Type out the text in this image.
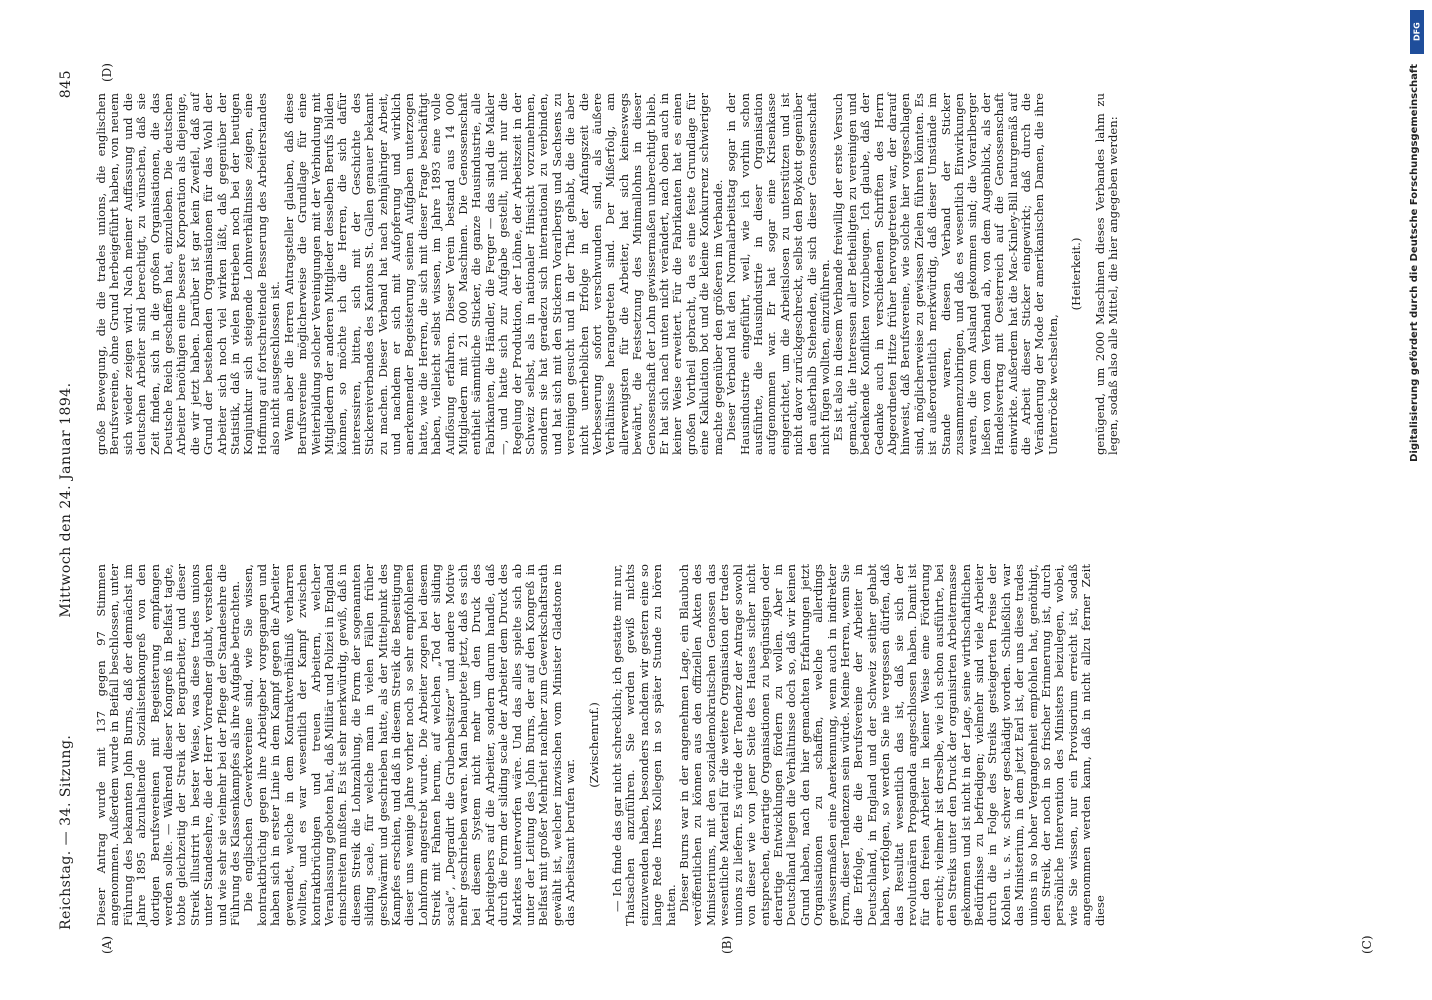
Reichstag. — 34. Sitzung.
Mittwoch den 24. Januar 1894.
845
(A)	(B)	(C)
(D)

Dieser Antrag wurde mit 137 gegen 97 Stimmen angenommen. Außerdem wurde in Beifall beschlossen, unter Führung des bekannten John Burns, daß der demnächst im Jahre 1895 abzuhaltende Sozialistenkongreß von den dortigen Berufsvereinen mit Begeisterung empfangen werden sollte. — Während dieser Kongreß in Belfast tagte, tobte gleichzeitig der Streik der Bergarbeiter, und dieser Streik illustrirt in bester Weise, was diese trades unions unter Standesehre, die der Herr Vorredner glaubt, verstehen und wie sehr sie vielmehr bei der Pflege der Standesehre die Führung des Klassenkampfes als ihre Aufgabe betrachten. Die englischen Gewerkvereine sind, wie Sie wissen, kontraktbrüchig gegen ihre Arbeitgeber vorgegangen und haben sich in erster Linie in dem Kampf gegen die Arbeiter gewendet, welche in dem Kontraktverhältniß verharren wollten, und es war wesentlich der Kampf zwischen kontraktbrüchigen und treuen Arbeitern, welcher Veranlassung geboten hat, daß Militär und Polizei in England einschreiten mußten. Es ist sehr merkwürdig, gewiß, daß in diesem Streik die Lohnzahlung, die Form der sogenannten sliding scale, für welche man in vielen Fällen früher geschwärmt und geschrieben hatte, als der Mittelpunkt des Kampfes erschien, und daß in diesem Streik die Beseitigung dieser uns wenige Jahre vorher noch so sehr empfohlenen Lohnform angestrebt wurde. Die Arbeiter zogen bei diesem Streik mit Fahnen herum, auf welchen „Tod der sliding scale“, „Degradirt die Grubenbesitzer“ und andere Motive mehr geschrieben waren. Man behauptete jetzt, daß es sich bei diesem System nicht mehr um den Druck des Arbeitgebers auf die Arbeiter, sondern darum handle, daß durch die Form der sliding scale der Arbeiter dem Druck des Marktes unterworfen wäre. Und das alles spielte sich ab unter der Leitung des John Burns, der auf den Kongreß in Belfast mit großer Mehrheit nachher zum Gewerkschaftsrath gewählt ist, welcher inzwischen vom Minister Gladstone in das Arbeitsamt berufen war.

(Zwischenruf.) — Ich finde das gar nicht schrecklich; ich gestatte mir nur, Thatsachen anzuführen. Sie werden gewiß nichts einzuwenden haben, besonders nachdem wir gestern eine so lange Rede Ihres Kollegen in so später Stunde zu hören hatten. Dieser Burns war in der angenehmen Lage, ein Blaubuch veröffentlichen zu können aus den offiziellen Akten des Ministeriums, mit den sozialdemokratischen Genossen das wesentliche Material für die weitere Organisation der trades unions zu liefern. Es würde der Tendenz der Antrage sowohl von dieser wie von jener Seite des Hauses sicher nicht entsprechen, derartige Organisationen zu begünstigen oder derartige Entwicklungen fördern zu wollen. Aber in Deutschland liegen die Verhältnisse doch so, daß wir keinen Grund haben, nach den hier gemachten Erfahrungen jetzt Organisationen zu schaffen, welche allerdings gewissermaßen eine Anerkennung, wenn auch in indirekter Form, dieser Tendenzen sein würde. Meine Herren, wenn Sie die Erfolge, die die Berufsvereine der Arbeiter in Deutschland, in England und der Schweiz seither gehabt haben, verfolgen, so werden Sie nie vergessen dürfen, daß das Resultat wesentlich das ist, daß sie sich der revolutionären Propaganda angeschlossen haben. Damit ist für den freien Arbeiter in keiner Weise eine Förderung erreicht; vielmehr ist derselbe, wie ich schon ausführte, bei den Streiks unter den Druck der organisirten Arbeitermasse gekommen und ist nicht in der Lage, seine wirthschaftlichen Bedürfnisse zu befriedigen; vielmehr sind viele Arbeiter durch die in Folge des Streiks gesteigerten Preise der Kohlen u. s. w. schwer geschädigt worden. Schließlich war das Ministerium, in dem jetzt Earl ist, der uns diese trades unions in so hoher Vergangenheit empfohlen hat, genöthigt, den Streik, der noch in so frischer Erinnerung ist, durch persönliche Intervention des Ministers beizulegen, wobei, wie Sie wissen, nur ein Provisorium erreicht ist, sodaß angenommen werden kann, daß in nicht allzu ferner Zeit diese

große Bewegung, die die trades unions, die englischen Berufsvereine, ohne Grund herbeigeführt haben, von neuem sich wieder zeigen wird. Nach meiner Auffassung und die deutschen Arbeiter sind berechtigt, zu wünschen, daß sie Zeit finden, sich in die großen Organisationen, die das Deutsche Reich geschaffen hat, einzuleben. Die deutschen Arbeiter benöthigen eine bessere Korporation als diejenige, die wir jetzt haben. Darüber ist gar kein Zweifel, daß auf Grund der bestehenden Organisationen für das Wohl der Arbeiter sich noch viel wirken läßt, daß gegenüber der Statistik, daß in vielen Betrieben noch bei der heutigen Konjunktur sich steigende Lohnverhältnisse zeigen, eine Hoffnung auf fortschreitende Besserung des Arbeiterstandes also nicht ausgeschlossen ist. Wenn aber die Herren Antragsteller glauben, daß diese Berufsvereine möglicherweise die Grundlage für eine Weiterbildung solcher Vereinigungen mit der Verbindung mit Mitgliedern der anderen Mitglieder desselben Berufs bilden können, so möchte ich die Herren, die sich dafür interessiren, bitten, sich mit der Geschichte des Stickereiverbandes des Kantons St. Gallen genauer bekannt zu machen. Dieser Verband hat nach zehnjähriger Arbeit, und nachdem er sich mit Aufopferung und wirklich anerkennender Begeisterung seinen Aufgaben unterzogen hatte, wie die Herren, die sich mit dieser Frage beschäftigt haben, vielleicht selbst wissen, im Jahre 1893 eine volle Auflösung erfahren. Dieser Verein bestand aus 14 000 Mitgliedern mit 21 000 Maschinen. Die Genossenschaft enthielt sämmtliche Sticker, die ganze Hausindustrie, alle Fabrikanten, die Händler, die Ferger — das sind die Makler —, und hatte sich zur Aufgabe gestellt, nicht nur die Regelung der Produktion, der Löhne, der Arbeitszeit in der Schweiz selbst, als in nationaler Hinsicht vorzunehmen, sondern sie hat geradezu sich international zu verbinden, und hat sich mit den Stickern Vorarlbergs und Sachsens zu vereinigen gesucht und in der That gehabt, die die aber nicht unerheblichen Erfolge in der Anfangszeit die Verbesserung sofort verschwunden sind, als äußere Verhältnisse herangetreten sind. Der Mißerfolg, am allerwenigsten für die Arbeiter, hat sich keineswegs bewährt, die Festsetzung des Minimallohns in dieser Genossenschaft der Lohn gewissermaßen unberechtigt blieb. Er hat sich nach unten nicht verändert, nach oben auch in keiner Weise erweitert. Für die Fabrikanten hat es einen großen Vortheil gebracht, da es eine feste Grundlage für eine Kalkulation bot und die kleine Konkurrenz schwieriger machte gegenüber den größeren im Verbande. Dieser Verband hat den Normalarbeitstag sogar in der Hausindustrie eingeführt, weil, wie ich vorhin schon ausführte, die Hausindustrie in dieser Organisation aufgenommen war. Er hat sogar eine Krisenkasse eingerichtet, um die Arbeitslosen zu unterstützen und ist nicht davor zurückgeschreckt, selbst den Boykott gegenüber den außerhalb Stehenden, die sich dieser Genossenschaft nicht fügen wollten, einzuführen. Es ist also in diesem Verbande freiwillig der erste Versuch gemacht, die Interessen aller Betheiligten zu vereinigen und bedenkende Konflikten vorzubeugen. Ich glaube, daß der Gedanke auch in verschiedenen Schriften des Herrn Abgeordneten Hitze früher hervorgetreten war, der darauf hinweist, daß Berufsvereine, wie solche hier vorgeschlagen sind, möglicherweise zu gewissen Zielen führen könnten. Es ist außerordentlich merkwürdig, daß dieser Umstände im Stande waren, diesen Verband der Sticker zusammenzubringen, und daß es wesentlich Einwirkungen waren, die vom Ausland gekommen sind; die Vorarlberger ließen von dem Verband ab, von dem Augenblick, als der Handelsvertrag mit Oesterreich auf die Genossenschaft einwirkte. Außerdem hat die Mac-Kinley-Bill naturgemäß auf die Arbeit dieser Sticker eingewirkt; daß durch die Veränderung der Mode der amerikanischen Damen, die ihre Unterröcke wechselten,

(Heiterkeit.) genügend, um 2000 Maschinen dieses Verbandes lahm zu legen, sodaß also alle Mittel, die hier angegeben werden:

DFG
Digitalisierung gefördert durch die Deutsche Forschungsgemeinschaft
